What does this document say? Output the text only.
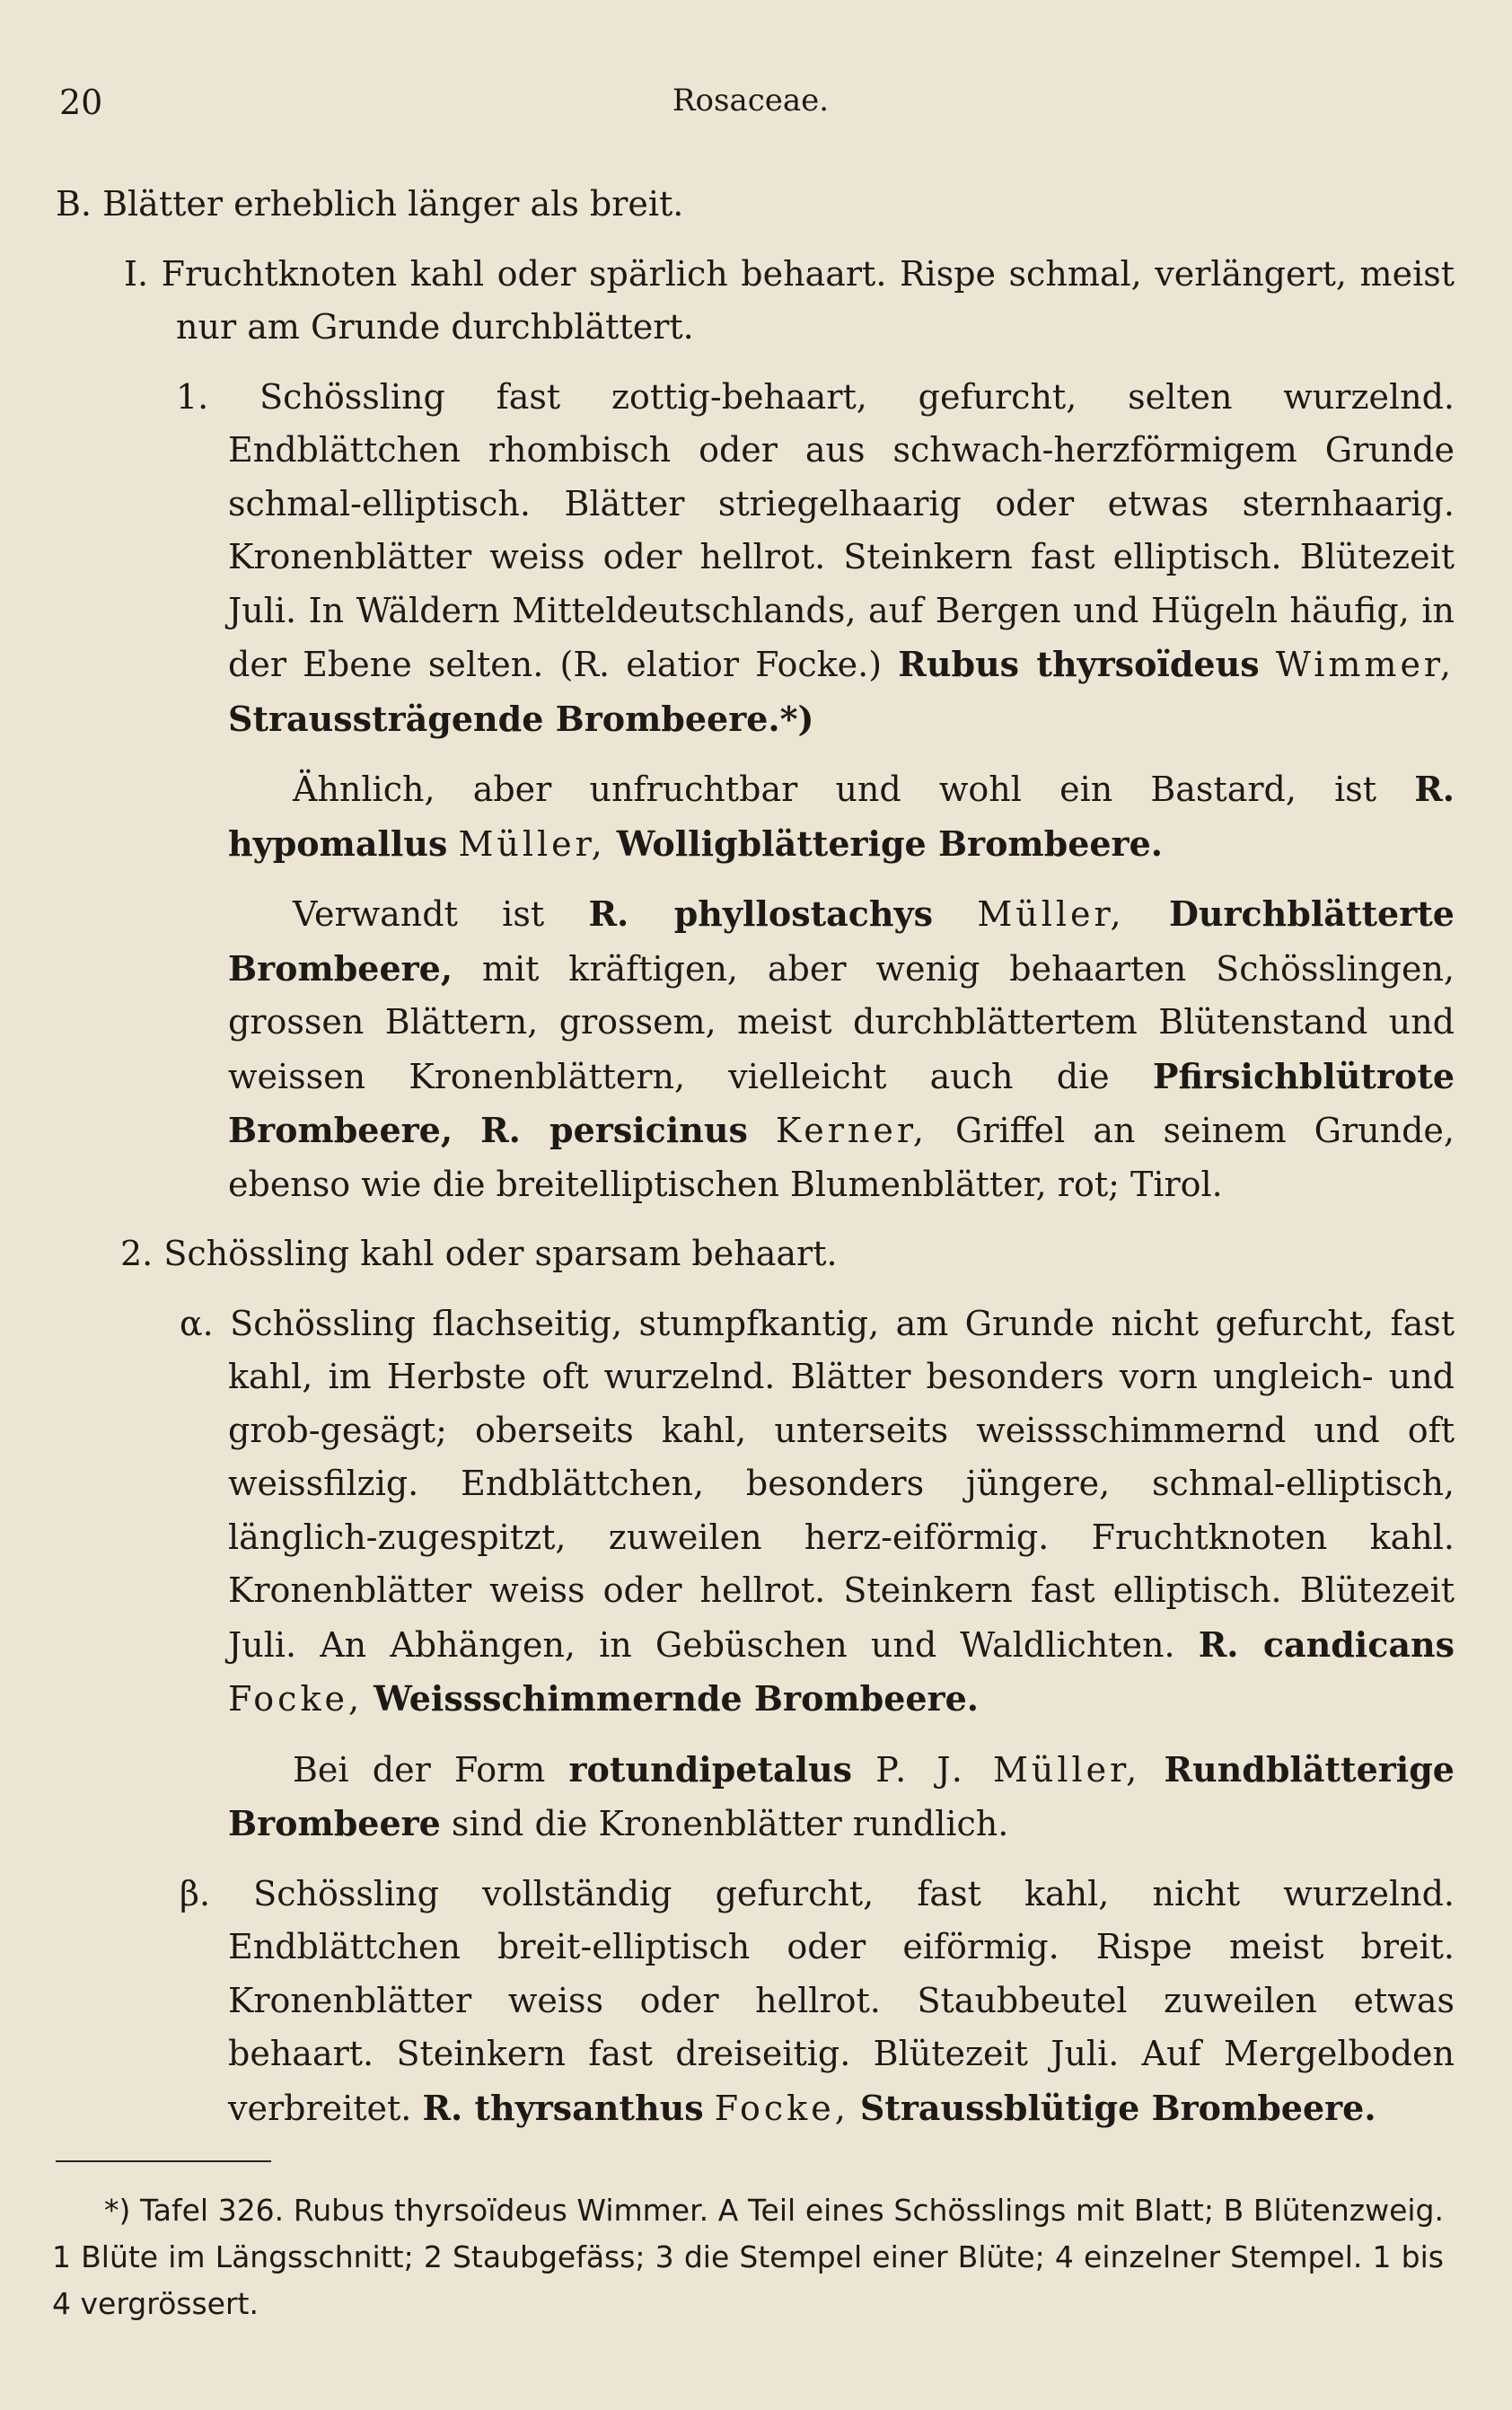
20	Rosaceae.

B. Blätter erheblich länger als breit.

I. Fruchtknoten kahl oder spärlich behaart. Rispe schmal, verlängert, meist nur am Grunde durchblättert.

1. Schössling fast zottig-behaart, gefurcht, selten wurzelnd. Endblättchen rhombisch oder aus schwach-herzförmigem Grunde schmal-elliptisch. Blätter striegelhaarig oder etwas sternhaarig. Kronenblätter weiss oder hellrot. Steinkern fast elliptisch. Blütezeit Juli. In Wäldern Mitteldeutschlands, auf Bergen und Hügeln häufig, in der Ebene selten. (R. elatior Focke.) Rubus thyrsoïdeus Wimmer, Straussträgende Brombeere.*)

Ähnlich, aber unfruchtbar und wohl ein Bastard, ist R. hypomallus Müller, Wolligblätterige Brombeere.

Verwandt ist R. phyllostachys Müller, Durchblätterte Brombeere, mit kräftigen, aber wenig behaarten Schösslingen, grossen Blättern, grossem, meist durchblättertem Blütenstand und weissen Kronenblättern, vielleicht auch die Pfirsichblütrote Brombeere, R. persicinus Kerner, Griffel an seinem Grunde, ebenso wie die breitelliptischen Blumenblätter, rot; Tirol.

2. Schössling kahl oder sparsam behaart.

α. Schössling flachseitig, stumpfkantig, am Grunde nicht gefurcht, fast kahl, im Herbste oft wurzelnd. Blätter besonders vorn ungleich- und grob-gesägt; oberseits kahl, unterseits weissschimmernd und oft weissfilzig. Endblättchen, besonders jüngere, schmal-elliptisch, länglich-zugespitzt, zuweilen herz-eiförmig. Fruchtknoten kahl. Kronenblätter weiss oder hellrot. Steinkern fast elliptisch. Blütezeit Juli. An Abhängen, in Gebüschen und Waldlichten. R. candicans Focke, Weissschimmernde Brombeere.

Bei der Form rotundipetalus P. J. Müller, Rundblätterige Brombeere sind die Kronenblätter rundlich.

β. Schössling vollständig gefurcht, fast kahl, nicht wurzelnd. Endblättchen breit-elliptisch oder eiförmig. Rispe meist breit. Kronenblätter weiss oder hellrot. Staubbeutel zuweilen etwas behaart. Steinkern fast dreiseitig. Blütezeit Juli. Auf Mergelboden verbreitet. R. thyrsanthus Focke, Straussblütige Brombeere.

*) Tafel 326. Rubus thyrsoïdeus Wimmer. A Teil eines Schösslings mit Blatt; B Blütenzweig. 1 Blüte im Längsschnitt; 2 Staubgefäss; 3 die Stempel einer Blüte; 4 einzelner Stempel. 1 bis 4 vergrössert.
